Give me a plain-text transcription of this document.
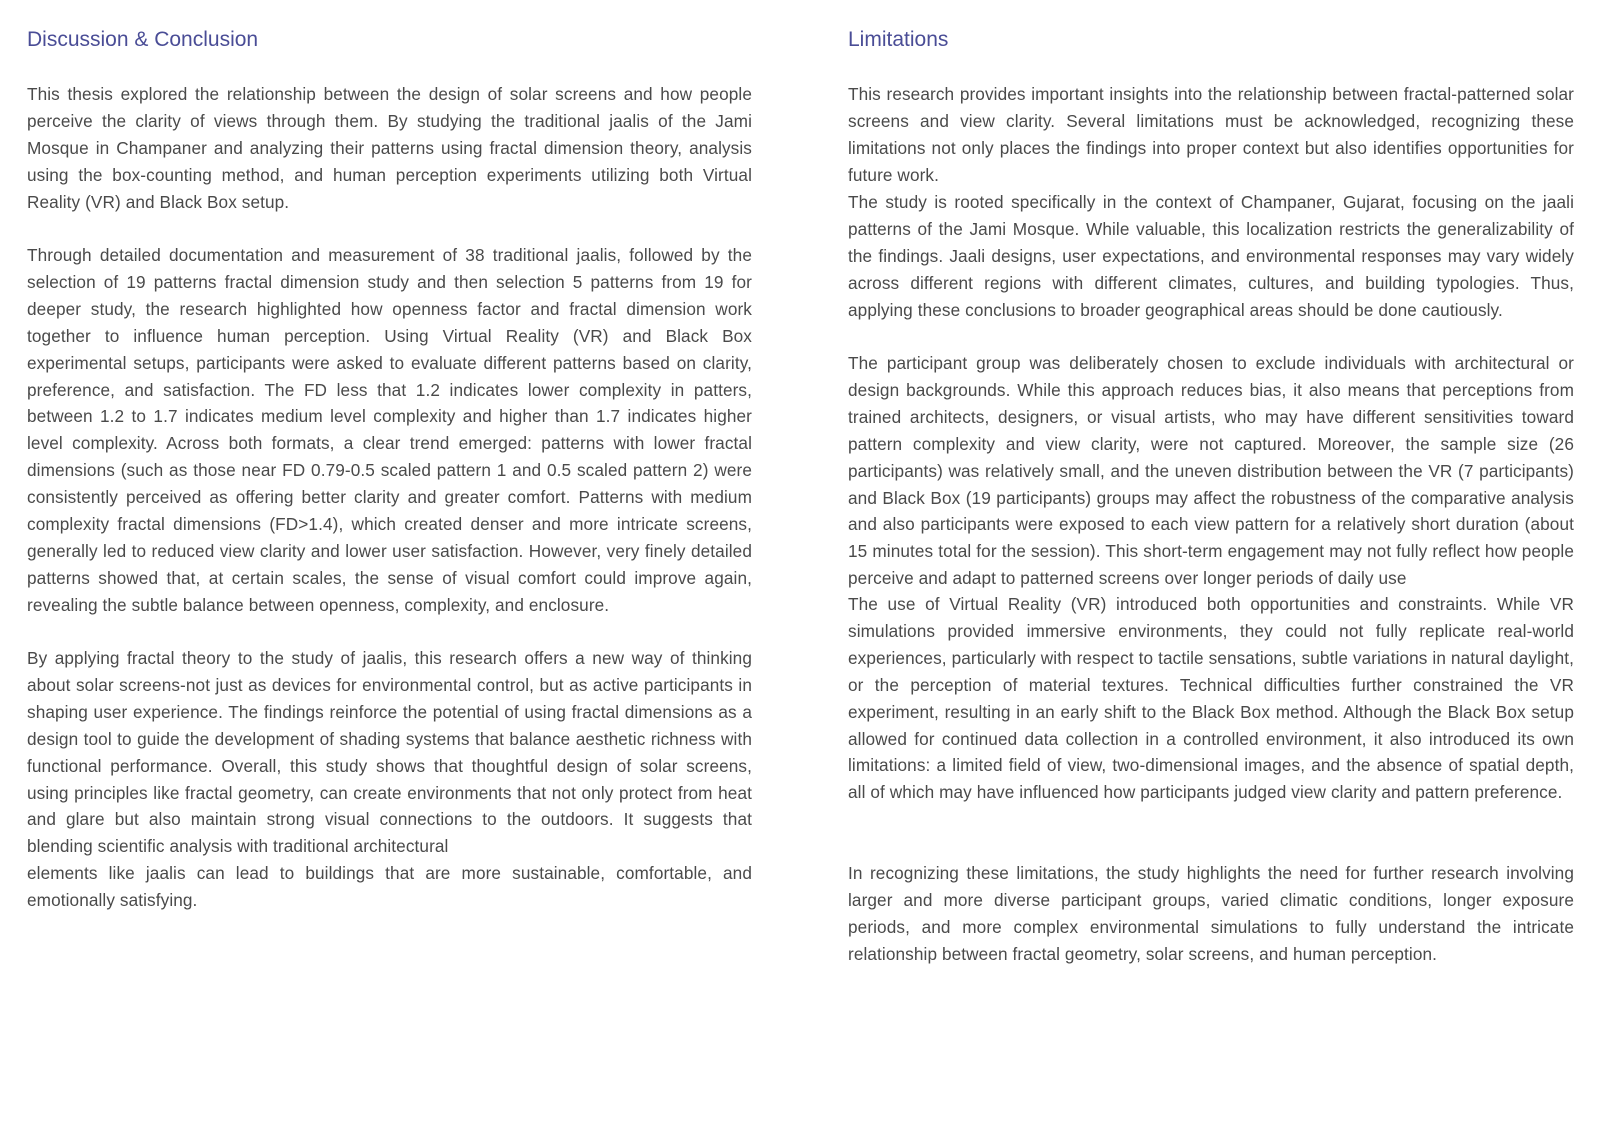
Discussion & Conclusion

This thesis explored the relationship between the design of solar screens and how people perceive the clarity of views through them. By studying the traditional jaalis of the Jami Mosque in Champaner and analyzing their patterns using fractal dimension theory, analysis using the box-counting method, and human perception experiments utilizing both Virtual Reality (VR) and Black Box setup.

Through detailed documentation and measurement of 38 traditional jaalis, followed by the selection of 19 patterns fractal dimension study and then selection 5 patterns from 19 for deeper study, the research highlighted how openness factor and fractal dimension work together to influence human perception. Using Virtual Reality (VR) and Black Box experimental setups, participants were asked to evaluate different patterns based on clarity, preference, and satisfaction. The FD less that 1.2 indicates lower complexity in patters, between 1.2 to 1.7 indicates medium level complexity and higher than 1.7 indicates higher level complexity. Across both formats, a clear trend emerged: patterns with lower fractal dimensions (such as those near FD 0.79-0.5 scaled pattern 1 and 0.5 scaled pattern 2) were consistently perceived as offering better clarity and greater comfort. Patterns with medium complexity fractal dimensions (FD>1.4), which created denser and more intricate screens, generally led to reduced view clarity and lower user satisfaction. However, very finely detailed patterns showed that, at certain scales, the sense of visual comfort could improve again, revealing the subtle balance between openness, complexity, and enclosure.

By applying fractal theory to the study of jaalis, this research offers a new way of thinking about solar screens-not just as devices for environmental control, but as active participants in shaping user experience. The findings reinforce the potential of using fractal dimensions as a design tool to guide the development of shading systems that balance aesthetic richness with functional performance. Overall, this study shows that thoughtful design of solar screens, using principles like fractal geometry, can create environments that not only protect from heat and glare but also maintain strong visual connections to the outdoors. It suggests that blending scientific analysis with traditional architectural

elements like jaalis can lead to buildings that are more sustainable, comfortable, and emotionally satisfying.

Limitations

This research provides important insights into the relationship between fractal-patterned solar screens and view clarity. Several limitations must be acknowledged, recognizing these limitations not only places the findings into proper context but also identifies opportunities for future work.

The study is rooted specifically in the context of Champaner, Gujarat, focusing on the jaali patterns of the Jami Mosque. While valuable, this localization restricts the generalizability of the findings. Jaali designs, user expectations, and environmental responses may vary widely across different regions with different climates, cultures, and building typologies. Thus, applying these conclusions to broader geographical areas should be done cautiously.

The participant group was deliberately chosen to exclude individuals with architectural or design backgrounds. While this approach reduces bias, it also means that perceptions from trained architects, designers, or visual artists, who may have different sensitivities toward pattern complexity and view clarity, were not captured. Moreover, the sample size (26 participants) was relatively small, and the uneven distribution between the VR (7 participants) and Black Box (19 participants) groups may affect the robustness of the comparative analysis and also participants were exposed to each view pattern for a relatively short duration (about 15 minutes total for the session). This short-term engagement may not fully reflect how people perceive and adapt to patterned screens over longer periods of daily use

The use of Virtual Reality (VR) introduced both opportunities and constraints. While VR simulations provided immersive environments, they could not fully replicate real-world experiences, particularly with respect to tactile sensations, subtle variations in natural daylight, or the perception of material textures. Technical difficulties further constrained the VR experiment, resulting in an early shift to the Black Box method. Although the Black Box setup allowed for continued data collection in a controlled environment, it also introduced its own limitations: a limited field of view, two-dimensional images, and the absence of spatial depth, all of which may have influenced how participants judged view clarity and pattern preference.

In recognizing these limitations, the study highlights the need for further research involving larger and more diverse participant groups, varied climatic conditions, longer exposure periods, and more complex environmental simulations to fully understand the intricate relationship between fractal geometry, solar screens, and human perception.
